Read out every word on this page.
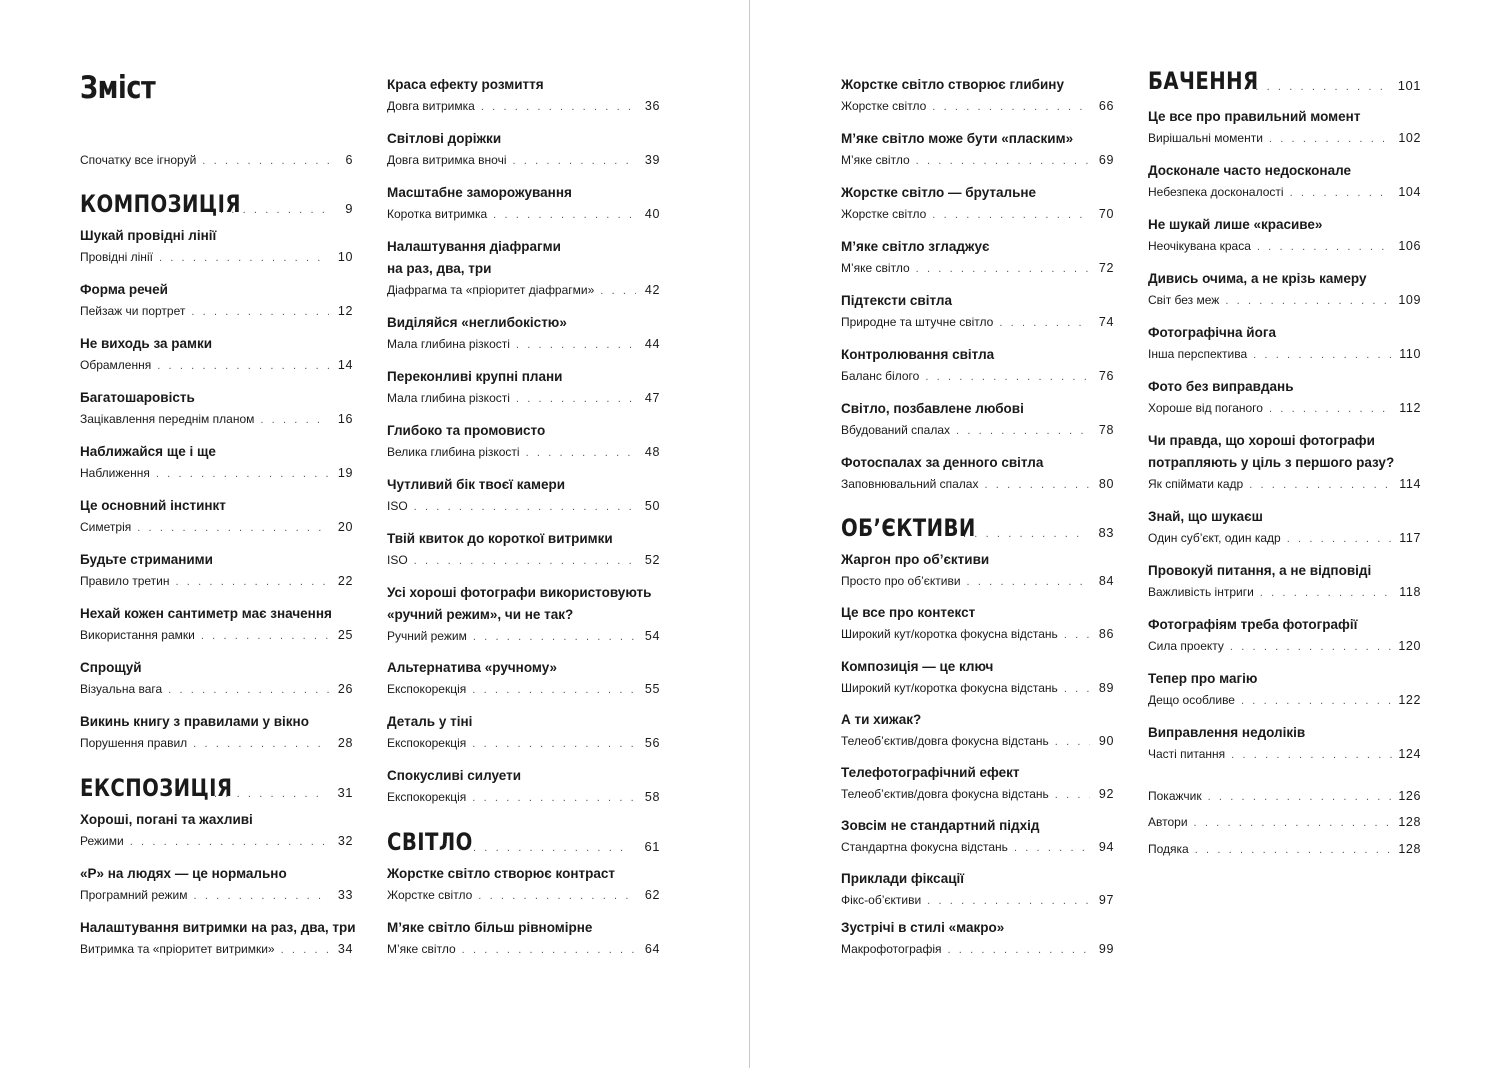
Зміст
Спочатку все ігноруй . . .	6
КОМПОЗИЦІЯ . . .	9
Шукай провідні лінії
Провідні лінії . . .	10
Форма речей
Пейзаж чи портрет . . .	12
Не виходь за рамки
Обрамлення . . .	14
Багатошаровість
Зацікавлення переднім планом . . .	16
Наближайся ще і ще
Наближення . . .	19
Це основний інстинкт
Симетрія . . .	20
Будьте стриманими
Правило третин . . .	22
Нехай кожен сантиметр має значення
Використання рамки . . .	25
Спрощуй
Візуальна вага . . .	26
Викинь книгу з правилами у вікно
Порушення правил . . .	28
ЕКСПОЗИЦІЯ . . .	31
Хороші, погані та жахливі
Режими . . .	32
«Р» на людях — це нормально
Програмний режим . . .	33
Налаштування витримки на раз, два, три
Витримка та «пріоритет витримки» . . .	34
Краса ефекту розмиття
Довга витримка . . .	36
Світлові доріжки
Довга витримка вночі . . .	39
Масштабне заморожування
Коротка витримка . . .	40
Налаштування діафрагми
на раз, два, три
Діафрагма та «пріоритет діафрагми» . . .	42
Виділяйся «неглибокістю»
Мала глибина різкості . . .	44
Переконливі крупні плани
Мала глибина різкості . . .	47
Глибоко та промовисто
Велика глибина різкості . . .	48
Чутливий бік твоєї камери
ISO . . .	50
Твій квиток до короткої витримки
ISO . . .	52
Усі хороші фотографи використовують
«ручний режим», чи не так?
Ручний режим . . .	54
Альтернатива «ручному»
Експокорекція . . .	55
Деталь у тіні
Експокорекція . . .	56
Спокусливі силуети
Експокорекція . . .	58
СВІТЛО . . .	61
Жорстке світло створює контраст
Жорстке світло . . .	62
М’яке світло більш рівномірне
М’яке світло . . .	64
Жорстке світло створює глибину
Жорстке світло . . .	66
М’яке світло може бути «пласким»
М’яке світло . . .	69
Жорстке світло — брутальне
Жорстке світло . . .	70
М’яке світло згладжує
М’яке світло . . .	72
Підтексти світла
Природне та штучне світло . . .	74
Контролювання світла
Баланс білого . . .	76
Світло, позбавлене любові
Вбудований спалах . . .	78
Фотоспалах за денного світла
Заповнювальний спалах . . .	80
ОБ’ЄКТИВИ . . .	83
Жаргон про об’єктиви
Просто про об’єктиви . . .	84
Це все про контекст
Широкий кут/коротка фокусна відстань . . .	86
Композиція — це ключ
Широкий кут/коротка фокусна відстань . . .	89
А ти хижак?
Телеоб’єктив/довга фокусна відстань . . .	90
Телефотографічний ефект
Телеоб’єктив/довга фокусна відстань . . .	92
Зовсім не стандартний підхід
Стандартна фокусна відстань . . .	94
Приклади фіксації
Фікс-об’єктиви . . .	97
Зустрічі в стилі «макро»
Макрофотографія . . .	99
БАЧЕННЯ . . .	101
Це все про правильний момент
Вирішальні моменти . . .	102
Досконале часто недосконале
Небезпека досконалості . . .	104
Не шукай лише «красиве»
Неочікувана краса . . .	106
Дивись очима, а не крізь камеру
Світ без меж . . .	109
Фотографічна йога
Інша перспектива . . .	110
Фото без виправдань
Хороше від поганого . . .	112
Чи правда, що хороші фотографи
потрапляють у ціль з першого разу?
Як спіймати кадр . . .	114
Знай, що шукаєш
Один суб’єкт, один кадр . . .	117
Провокуй питання, а не відповіді
Важливість інтриги . . .	118
Фотографіям треба фотографії
Сила проекту . . .	120
Тепер про магію
Дещо особливе . . .	122
Виправлення недоліків
Часті питання . . .	124
Покажчик . . .	126
Автори . . .	128
Подяка . . .	128
